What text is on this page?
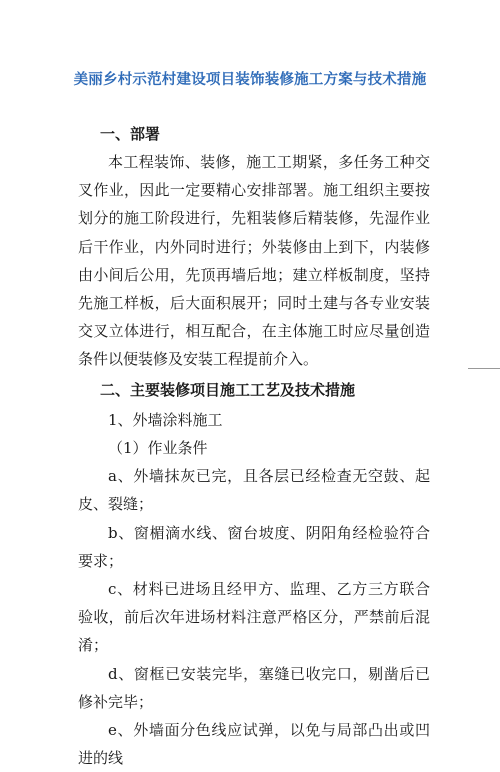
美丽乡村示范村建设项目装饰装修施工方案与技术措施
一、部署

本工程装饰、装修，施工工期紧，多任务工种交叉作业，因此一定要精心安排部署。施工组织主要按划分的施工阶段进行，先粗装修后精装修，先湿作业后干作业，内外同时进行；外装修由上到下，内装修由小间后公用，先顶再墙后地；建立样板制度，坚持先施工样板，后大面积展开；同时土建与各专业安装交叉立体进行，相互配合，在主体施工时应尽量创造条件以便装修及安装工程提前介入。

二、主要装修项目施工工艺及技术措施
1、外墙涂料施工
（1）作业条件

a、外墙抹灰已完，且各层已经检查无空鼓、起皮、裂缝；

b、窗楣滴水线、窗台坡度、阴阳角经检验符合要求；

c、材料已进场且经甲方、监理、乙方三方联合验收，前后次年进场材料注意严格区分，严禁前后混淆；

d、窗框已安装完毕，塞缝已收完口，剔凿后已修补完毕；

e、外墙面分色线应试弹，以免与局部凸出或凹进的线
